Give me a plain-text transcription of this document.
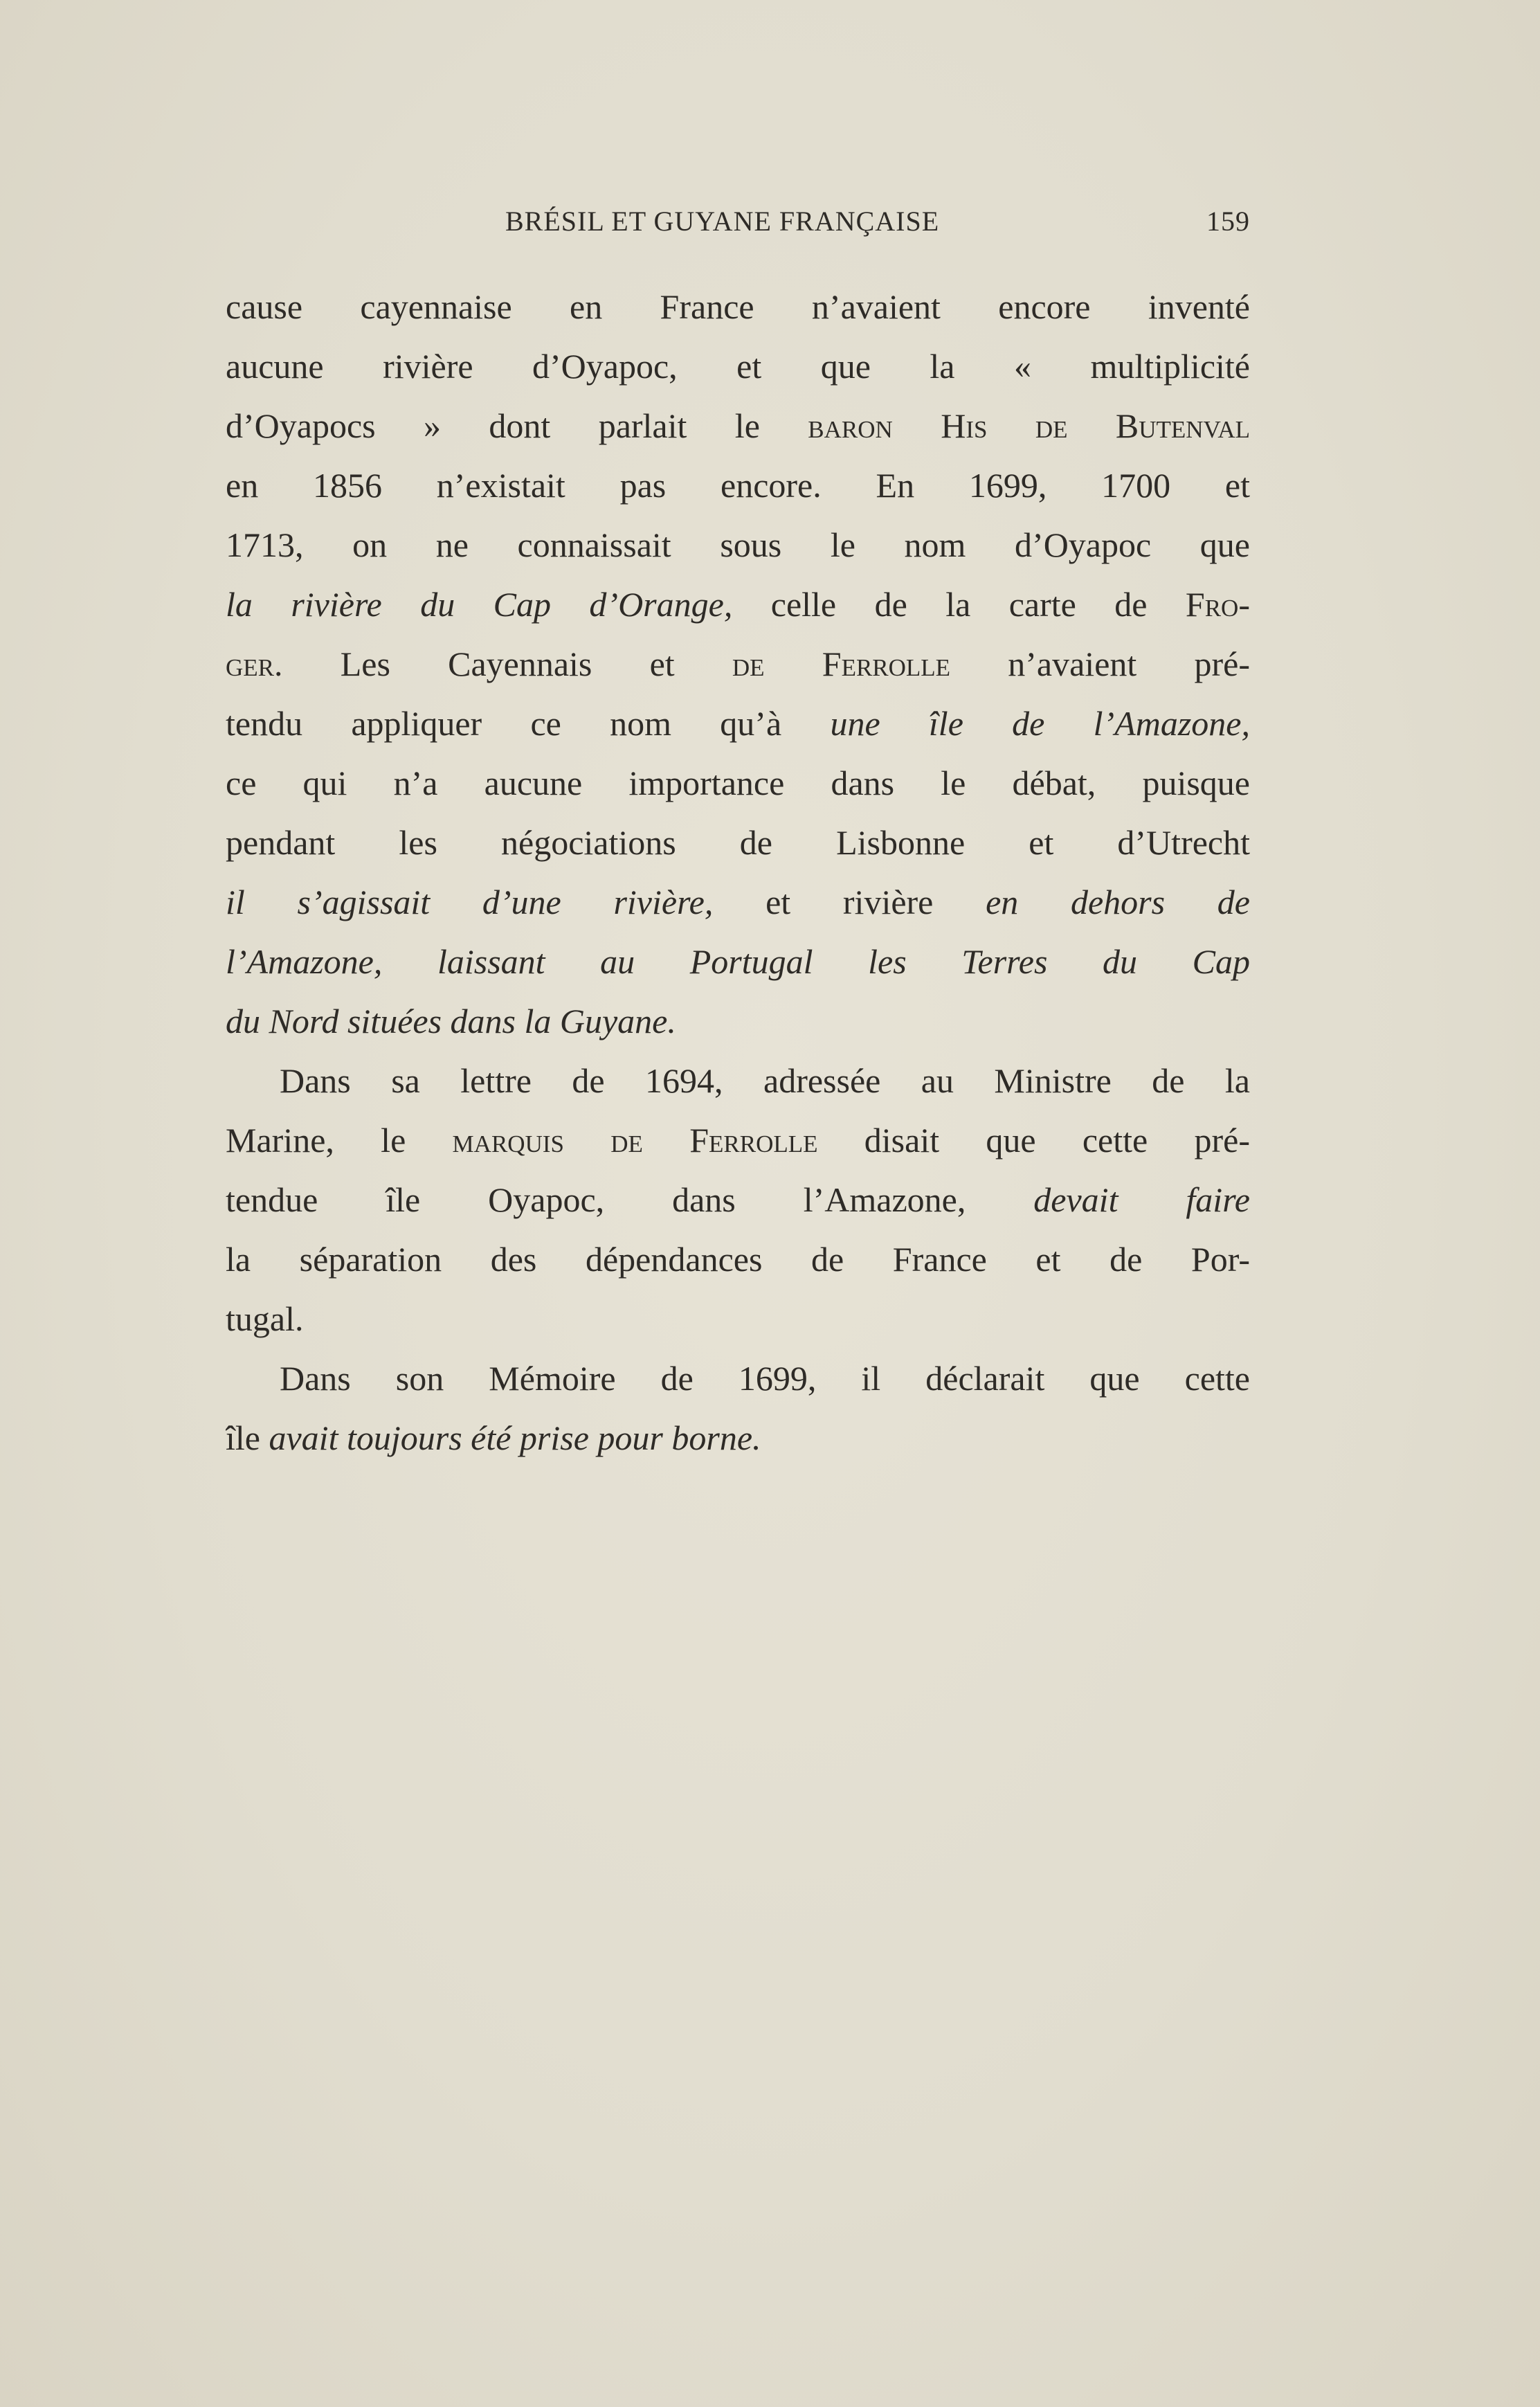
BRÉSIL ET GUYANE FRANÇAISE	159
cause cayennaise en France n’avaient encore inventé
aucune rivière d’Oyapoc, et que la « multiplicité
d’Oyapocs » dont parlait le baron His de Butenval
en 1856 n’existait pas encore. En 1699, 1700 et
1713, on ne connaissait sous le nom d’Oyapoc que
la rivière du Cap d’Orange, celle de la carte de Fro-
ger. Les Cayennais et de Ferrolle n’avaient pré-
tendu appliquer ce nom qu’à une île de l’Amazone,
ce qui n’a aucune importance dans le débat, puisque
pendant les négociations de Lisbonne et d’Utrecht
il s’agissait d’une rivière, et rivière en dehors de
l’Amazone, laissant au Portugal les Terres du Cap
du Nord situées dans la Guyane.
Dans sa lettre de 1694, adressée au Ministre de la
Marine, le marquis de Ferrolle disait que cette pré-
tendue île Oyapoc, dans l’Amazone, devait faire
la séparation des dépendances de France et de Por-
tugal.
Dans son Mémoire de 1699, il déclarait que cette
île avait toujours été prise pour borne.
